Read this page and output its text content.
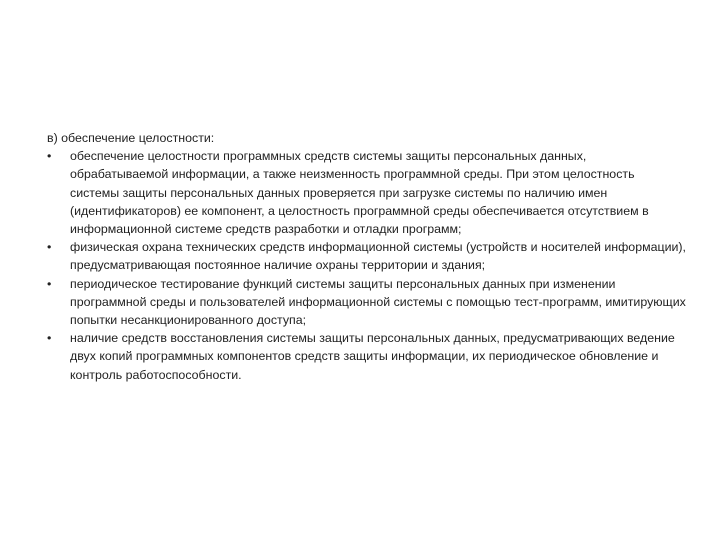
в) обеспечение целостности:

• обеспечение целостности программных средств системы защиты персональных данных, обрабатываемой информации, а также неизменность программной среды. При этом целостность системы защиты персональных данных проверяется при загрузке системы по наличию имен (идентификаторов) ее компонент, а целостность программной среды обеспечивается отсутствием в информационной системе средств разработки и отладки программ;
• физическая охрана технических средств информационной системы (устройств и носителей информации), предусматривающая постоянное наличие охраны территории и здания;
• периодическое тестирование функций системы защиты персональных данных при изменении программной среды и пользователей информационной системы с помощью тест-программ, имитирующих попытки несанкционированного доступа;
• наличие средств восстановления системы защиты персональных данных, предусматривающих ведение двух копий программных компонентов средств защиты информации, их периодическое обновление и контроль работоспособности.
